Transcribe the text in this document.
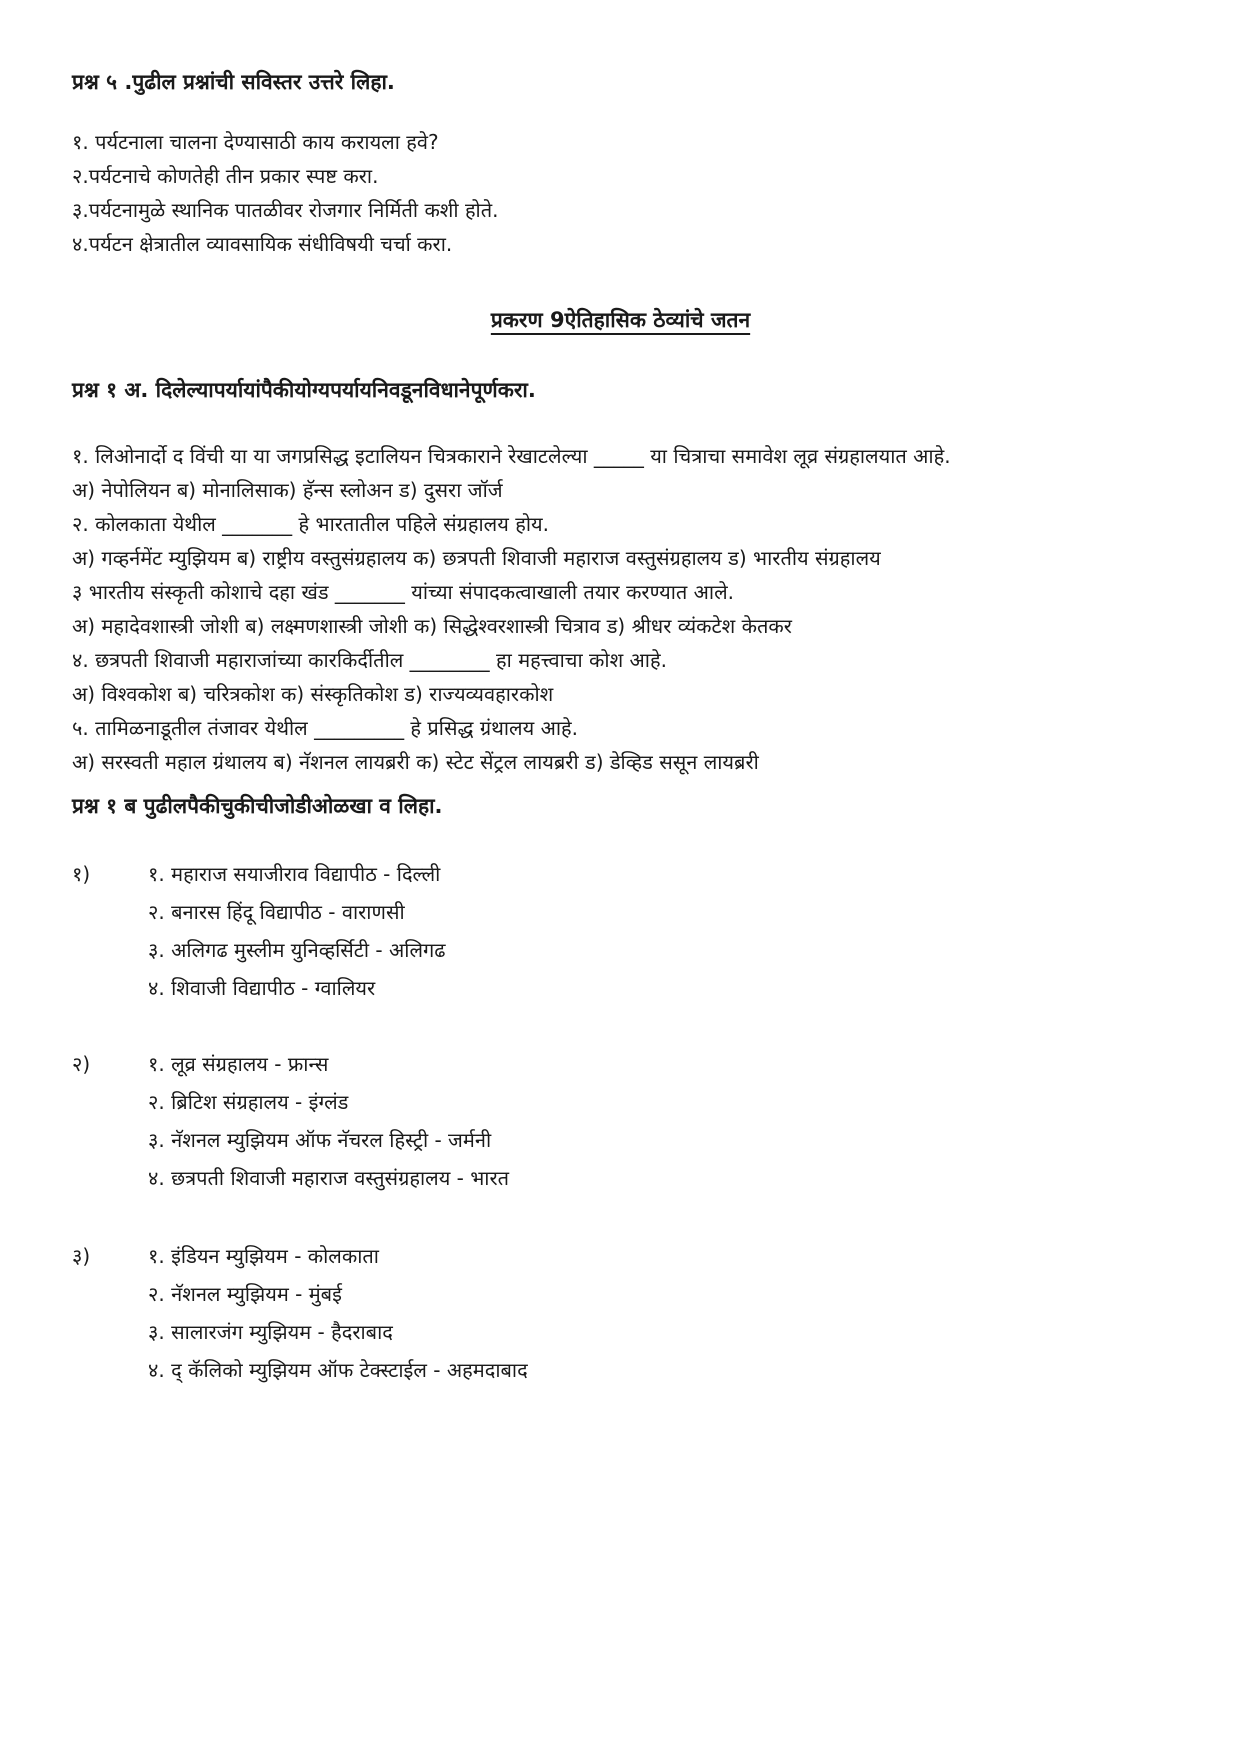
प्रश्न ५ .पुढील प्रश्नांची सविस्तर उत्तरे लिहा.
१. पर्यटनाला चालना देण्यासाठी काय करायला हवे?
२.पर्यटनाचे कोणतेही तीन प्रकार स्पष्ट करा.
३.पर्यटनामुळे स्थानिक पातळीवर रोजगार निर्मिती कशी होते.
४.पर्यटन क्षेत्रातील व्यावसायिक संधीविषयी चर्चा करा.
प्रकरण 9ऐतिहासिक ठेव्यांचे जतन
प्रश्न १ अ. दिलेल्यापर्यायांपैकीयोग्यपर्यायनिवडूनविधानेपूर्णकरा.
१. लिओनार्दो द विंची या या जगप्रसिद्ध इटालियन चित्रकाराने रेखाटलेल्या _____ या चित्राचा समावेश लूव्र संग्रहालयात आहे.
अ) नेपोलियन ब) मोनालिसाक) हॅन्स स्लोअन ड) दुसरा जॉर्ज
२. कोलकाता येथील _______ हे भारतातील पहिले संग्रहालय होय.
अ) गव्हर्नमेंट म्युझियम ब) राष्ट्रीय वस्तुसंग्रहालय क) छत्रपती शिवाजी महाराज वस्तुसंग्रहालय ड) भारतीय संग्रहालय
३ भारतीय संस्कृती कोशाचे दहा खंड _______ यांच्या संपादकत्वाखाली तयार करण्यात आले.
अ) महादेवशास्त्री जोशी ब) लक्ष्मणशास्त्री जोशी क) सिद्धेश्वरशास्त्री चित्राव ड) श्रीधर व्यंकटेश केतकर
४. छत्रपती शिवाजी महाराजांच्या कारकिर्दीतील ________ हा महत्त्वाचा कोश आहे.
अ) विश्वकोश ब) चरित्रकोश क) संस्कृतिकोश ड) राज्यव्यवहारकोश
५. तामिळनाडूतील तंजावर येथील _________ हे प्रसिद्ध ग्रंथालय आहे.
अ) सरस्वती महाल ग्रंथालय ब) नॅशनल लायब्ररी क) स्टेट सेंट्रल लायब्ररी ड) डेव्हिड ससून लायब्ररी
प्रश्न १ ब पुढीलपैकीचुकीचीजोडीओळखा व लिहा.
१)	१. महाराज सयाजीराव विद्यापीठ - दिल्ली
२. बनारस हिंदू विद्यापीठ - वाराणसी
३. अलिगढ मुस्लीम युनिव्हर्सिटी - अलिगढ
४. शिवाजी विद्यापीठ - ग्वालियर
२)	१. लूव्र संग्रहालय - फ्रान्स
२. ब्रिटिश संग्रहालय - इंग्लंड
३. नॅशनल म्युझियम ऑफ नॅचरल हिस्ट्री - जर्मनी
४. छत्रपती शिवाजी महाराज वस्तुसंग्रहालय - भारत
३)	१. इंडियन म्युझियम - कोलकाता
२. नॅशनल म्युझियम - मुंबई
३. सालारजंग म्युझियम - हैदराबाद
४. द् कॅलिको म्युझियम ऑफ टेक्स्टाईल - अहमदाबाद
